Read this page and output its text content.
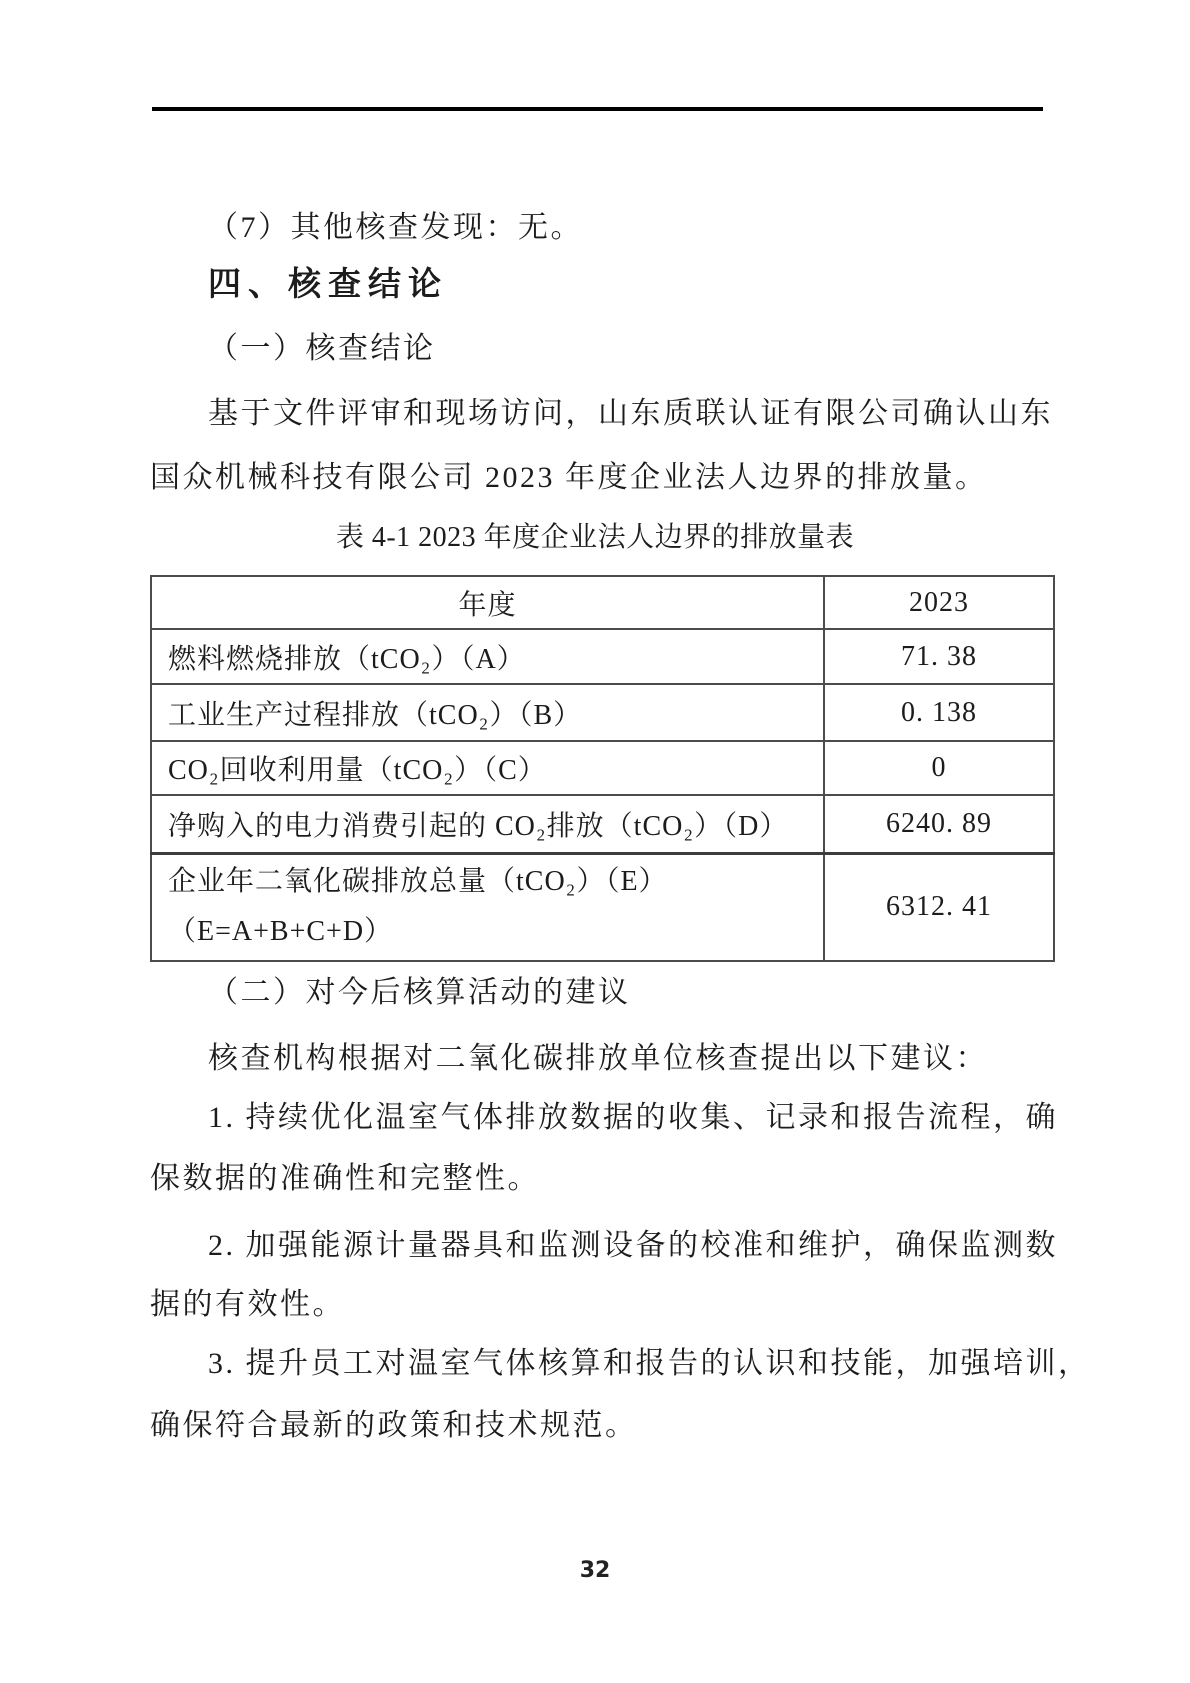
（7）其他核查发现：无。
四、核查结论
（一）核查结论
基于文件评审和现场访问，山东质联认证有限公司确认山东
国众机械科技有限公司 2023 年度企业法人边界的排放量。
表 4-1 2023 年度企业法人边界的排放量表
年度	2023
燃料燃烧排放（tCO₂）（A）	71. 38
工业生产过程排放（tCO₂）（B）	0. 138
CO₂回收利用量（tCO₂）（C）	0
净购入的电力消费引起的 CO₂排放（tCO₂）（D）	6240. 89

企业年二氧化碳排放总量（tCO₂）（E）
（E=A+B+C+D）	6312. 41
（二）对今后核算活动的建议
核查机构根据对二氧化碳排放单位核查提出以下建议：
1. 持续优化温室气体排放数据的收集、记录和报告流程，确
保数据的准确性和完整性。
2. 加强能源计量器具和监测设备的校准和维护，确保监测数
据的有效性。
3. 提升员工对温室气体核算和报告的认识和技能，加强培训，
确保符合最新的政策和技术规范。
32
